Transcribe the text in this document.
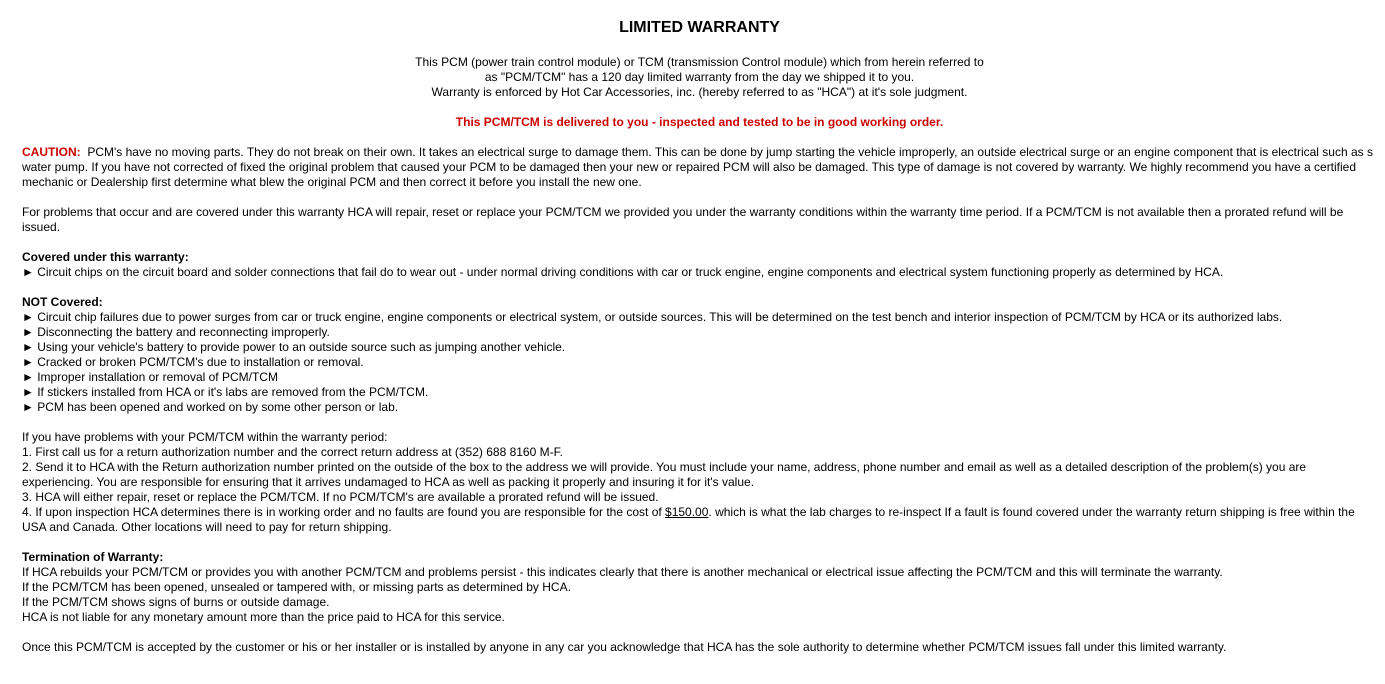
LIMITED WARRANTY
This PCM (power train control module) or TCM (transmission Control module) which from herein referred to
as "PCM/TCM" has a 120 day limited warranty from the day we shipped it to you.
Warranty is enforced by Hot Car Accessories, inc. (hereby referred to as "HCA") at it's sole judgment.
This PCM/TCM is delivered to you - inspected and tested to be in good working order.
CAUTION: PCM's have no moving parts. They do not break on their own. It takes an electrical surge to damage them. This can be done by jump starting the vehicle improperly, an outside electrical surge or an engine component that is electrical such as s water pump. If you have not corrected of fixed the original problem that caused your PCM to be damaged then your new or repaired PCM will also be damaged. This type of damage is not covered by warranty. We highly recommend you have a certified mechanic or Dealership first determine what blew the original PCM and then correct it before you install the new one.
For problems that occur and are covered under this warranty HCA will repair, reset or replace your PCM/TCM we provided you under the warranty conditions within the warranty time period. If a PCM/TCM is not available then a prorated refund will be issued.
Covered under this warranty:
► Circuit chips on the circuit board and solder connections that fail do to wear out - under normal driving conditions with car or truck engine, engine components and electrical system functioning properly as determined by HCA.
NOT Covered:
► Circuit chip failures due to power surges from car or truck engine, engine components or electrical system, or outside sources. This will be determined on the test bench and interior inspection of PCM/TCM by HCA or its authorized labs.
► Disconnecting the battery and reconnecting improperly.
► Using your vehicle's battery to provide power to an outside source such as jumping another vehicle.
► Cracked or broken PCM/TCM's due to installation or removal.
► Improper installation or removal of PCM/TCM
► If stickers installed from HCA or it's labs are removed from the PCM/TCM.
► PCM has been opened and worked on by some other person or lab.
If you have problems with your PCM/TCM within the warranty period:
1. First call us for a return authorization number and the correct return address at (352) 688 8160 M-F.
2. Send it to HCA with the Return authorization number printed on the outside of the box to the address we will provide. You must include your name, address, phone number and email as well as a detailed description of the problem(s) you are experiencing. You are responsible for ensuring that it arrives undamaged to HCA as well as packing it properly and insuring it for it's value.
3. HCA will either repair, reset or replace the PCM/TCM. If no PCM/TCM's are available a prorated refund will be issued.
4. If upon inspection HCA determines there is in working order and no faults are found you are responsible for the cost of $150.00. which is what the lab charges to re-inspect If a fault is found covered under the warranty return shipping is free within the USA and Canada. Other locations will need to pay for return shipping.
Termination of Warranty:
If HCA rebuilds your PCM/TCM or provides you with another PCM/TCM and problems persist - this indicates clearly that there is another mechanical or electrical issue affecting the PCM/TCM and this will terminate the warranty.
If the PCM/TCM has been opened, unsealed or tampered with, or missing parts as determined by HCA.
If the PCM/TCM shows signs of burns or outside damage.
HCA is not liable for any monetary amount more than the price paid to HCA for this service.
Once this PCM/TCM is accepted by the customer or his or her installer or is installed by anyone in any car you acknowledge that HCA has the sole authority to determine whether PCM/TCM issues fall under this limited warranty.
